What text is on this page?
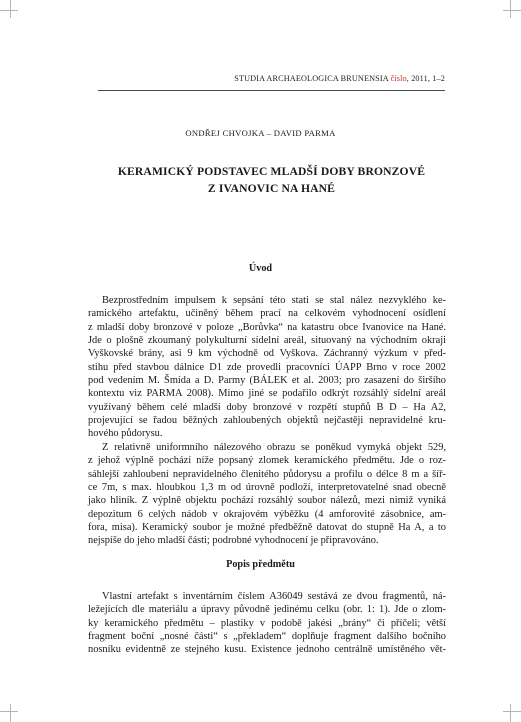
STUDIA ARCHAEOLOGICA BRUNENSIA číslo, 2011, 1–2
ONDŘEJ CHVOJKA – DAVID PARMA
KERAMICKÝ PODSTAVEC MLADŠÍ DOBY BRONZOVÉ
Z IVANOVIC NA HANÉ
Úvod
Bezprostředním impulsem k sepsání této stati se stal nález nezvyklého ke-
ramického artefaktu, učiněný během prací na celkovém vyhodnocení osídlení
z mladší doby bronzové v poloze „Borůvka“ na katastru obce Ivanovice na Hané.
Jde o plošně zkoumaný polykulturní sídelní areál, situovaný na východním okraji
Vyškovské brány, asi 9 km východně od Vyškova. Záchranný výzkum v před-
stihu před stavbou dálnice D1 zde provedli pracovníci ÚAPP Brno v roce 2002
pod vedením M. Šmída a D. Parmy (BÁLEK et al. 2003; pro zasazení do širšího
kontextu viz PARMA 2008). Mimo jiné se podařilo odkrýt rozsáhlý sídelní areál
využívaný během celé mladší doby bronzové v rozpětí stupňů B D – Ha A2,
projevující se řadou běžných zahloubených objektů nejčastěji nepravidelné kru-
hového půdorysu.
Z relativně uniformního nálezového obrazu se poněkud vymyká objekt 529,
z jehož výplně pochází níže popsaný zlomek keramického předmětu. Jde o roz-
sáhlejší zahloubení nepravidelného členitého půdorysu a profilu o délce 8 m a šíř-
ce 7m, s max. hloubkou 1,3 m od úrovně podloží, interpretovatelné snad obecně
jako hliník. Z výplně objektu pochází rozsáhlý soubor nálezů, mezi nimiž vyniká
depozitum 6 celých nádob v okrajovém výběžku (4 amforovité zásobnice, am-
fora, misa). Keramický soubor je možné předběžně datovat do stupně Ha A, a to
nejspíše do jeho mladší části; podrobné vyhodnocení je připravováno.
Popis předmětu
Vlastní artefakt s inventárním číslem A36049 sestává ze dvou fragmentů, ná-
ležejících dle materiálu a úpravy původně jedinému celku (obr. 1: 1). Jde o zlom-
ky keramického předmětu – plastiky v podobě jakési „brány“ či příčeli; větší
fragment boční „nosné části“ s „překladem“ doplňuje fragment dalšího bočního
nosníku evidentně ze stejného kusu. Existence jednoho centrálně umístěného vět-
